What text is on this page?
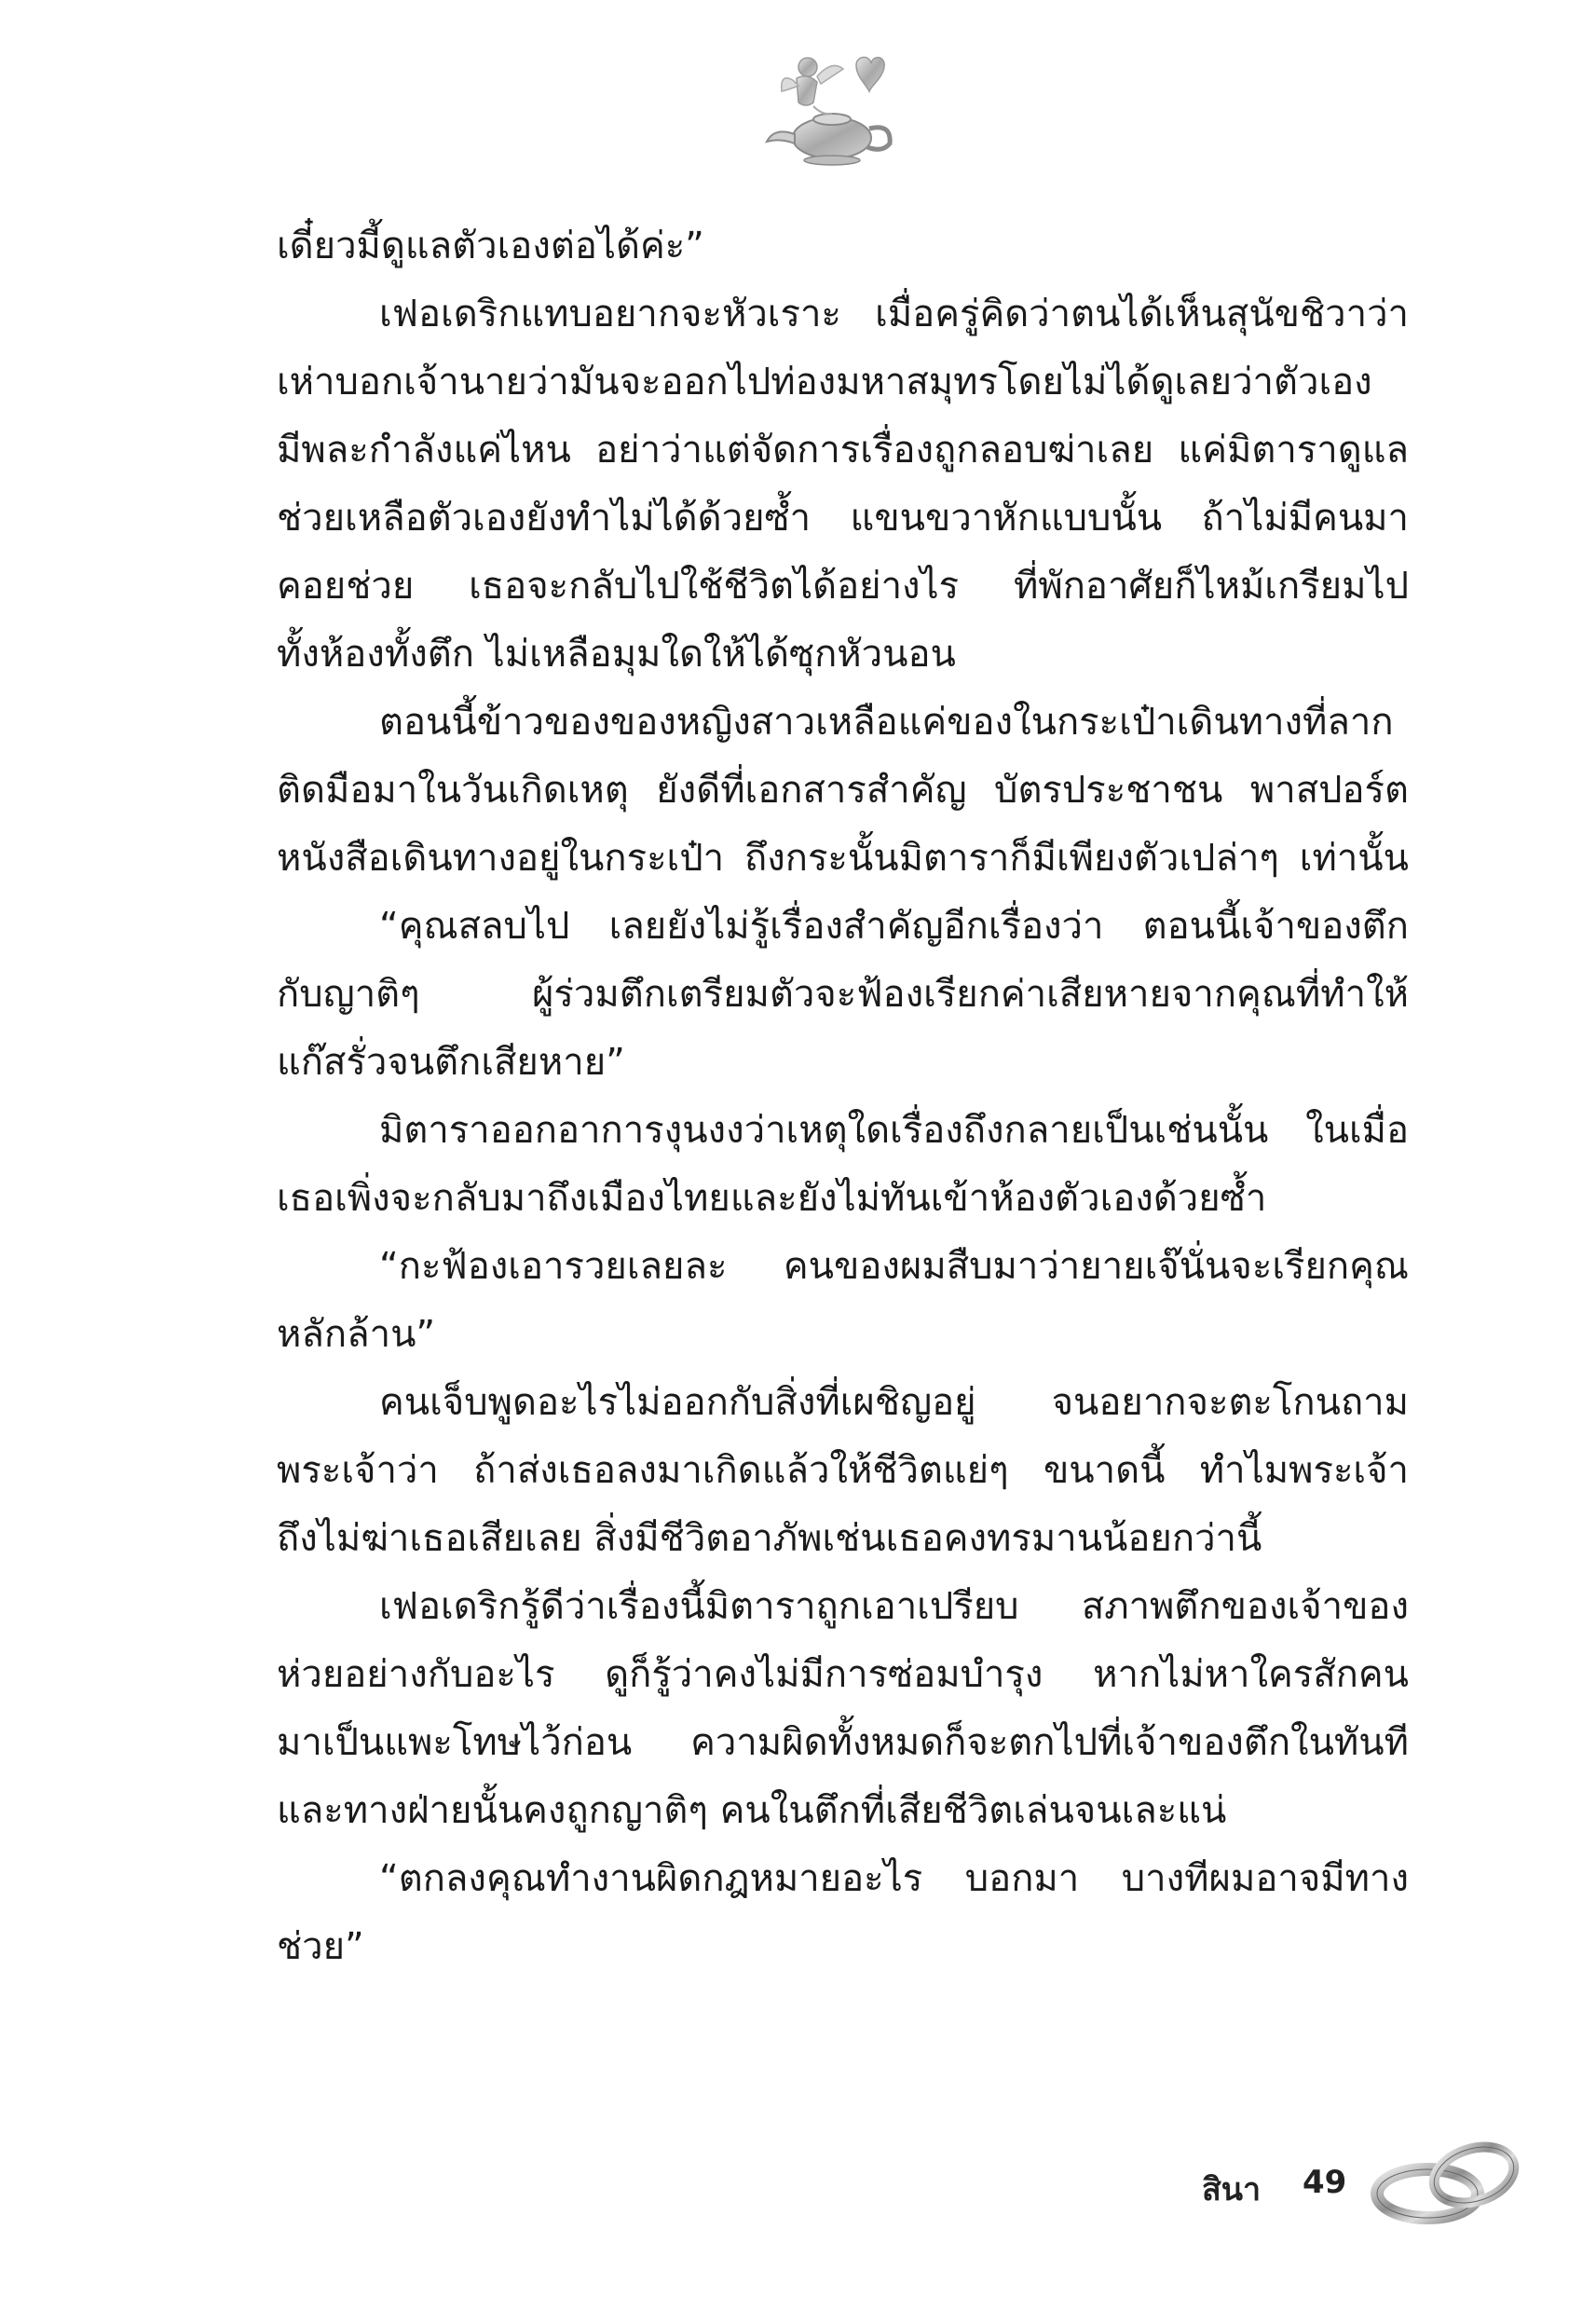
เดี๋ยวมี้ดูแลตัวเองต่อได้ค่ะ”
เฟอเดริกแทบอยากจะหัวเราะ เมื่อครู่คิดว่าตนได้เห็นสุนัขชิวาว่า
เห่าบอกเจ้านายว่ามันจะออกไปท่องมหาสมุทรโดยไม่ได้ดูเลยว่าตัวเอง
มีพละกำลังแค่ไหน อย่าว่าแต่จัดการเรื่องถูกลอบฆ่าเลย แค่มิตาราดูแล
ช่วยเหลือตัวเองยังทำไม่ได้ด้วยซ้ำ แขนขวาหักแบบนั้น ถ้าไม่มีคนมา
คอยช่วย เธอจะกลับไปใช้ชีวิตได้อย่างไร ที่พักอาศัยก็ไหม้เกรียมไป
ทั้งห้องทั้งตึก ไม่เหลือมุมใดให้ได้ซุกหัวนอน
ตอนนี้ข้าวของของหญิงสาวเหลือแค่ของในกระเป๋าเดินทางที่ลาก
ติดมือมาในวันเกิดเหตุ ยังดีที่เอกสารสำคัญ บัตรประชาชน พาสปอร์ต
หนังสือเดินทางอยู่ในกระเป๋า ถึงกระนั้นมิตาราก็มีเพียงตัวเปล่าๆ เท่านั้น
“คุณสลบไป เลยยังไม่รู้เรื่องสำคัญอีกเรื่องว่า ตอนนี้เจ้าของตึก
กับญาติๆ ผู้ร่วมตึกเตรียมตัวจะฟ้องเรียกค่าเสียหายจากคุณที่ทำให้
แก๊สรั่วจนตึกเสียหาย”
มิตาราออกอาการงุนงงว่าเหตุใดเรื่องถึงกลายเป็นเช่นนั้น ในเมื่อ
เธอเพิ่งจะกลับมาถึงเมืองไทยและยังไม่ทันเข้าห้องตัวเองด้วยซ้ำ
“กะฟ้องเอารวยเลยละ คนของผมสืบมาว่ายายเจ๊นั่นจะเรียกคุณ
หลักล้าน”
คนเจ็บพูดอะไรไม่ออกกับสิ่งที่เผชิญอยู่ จนอยากจะตะโกนถาม
พระเจ้าว่า ถ้าส่งเธอลงมาเกิดแล้วให้ชีวิตแย่ๆ ขนาดนี้ ทำไมพระเจ้า
ถึงไม่ฆ่าเธอเสียเลย สิ่งมีชีวิตอาภัพเช่นเธอคงทรมานน้อยกว่านี้
เฟอเดริกรู้ดีว่าเรื่องนี้มิตาราถูกเอาเปรียบ สภาพตึกของเจ้าของ
ห่วยอย่างกับอะไร ดูก็รู้ว่าคงไม่มีการซ่อมบำรุง หากไม่หาใครสักคน
มาเป็นแพะโทษไว้ก่อน ความผิดทั้งหมดก็จะตกไปที่เจ้าของตึกในทันที
และทางฝ่ายนั้นคงถูกญาติๆ คนในตึกที่เสียชีวิตเล่นจนเละแน่
“ตกลงคุณทำงานผิดกฎหมายอะไร บอกมา บางทีผมอาจมีทาง
ช่วย”
สินา 49
